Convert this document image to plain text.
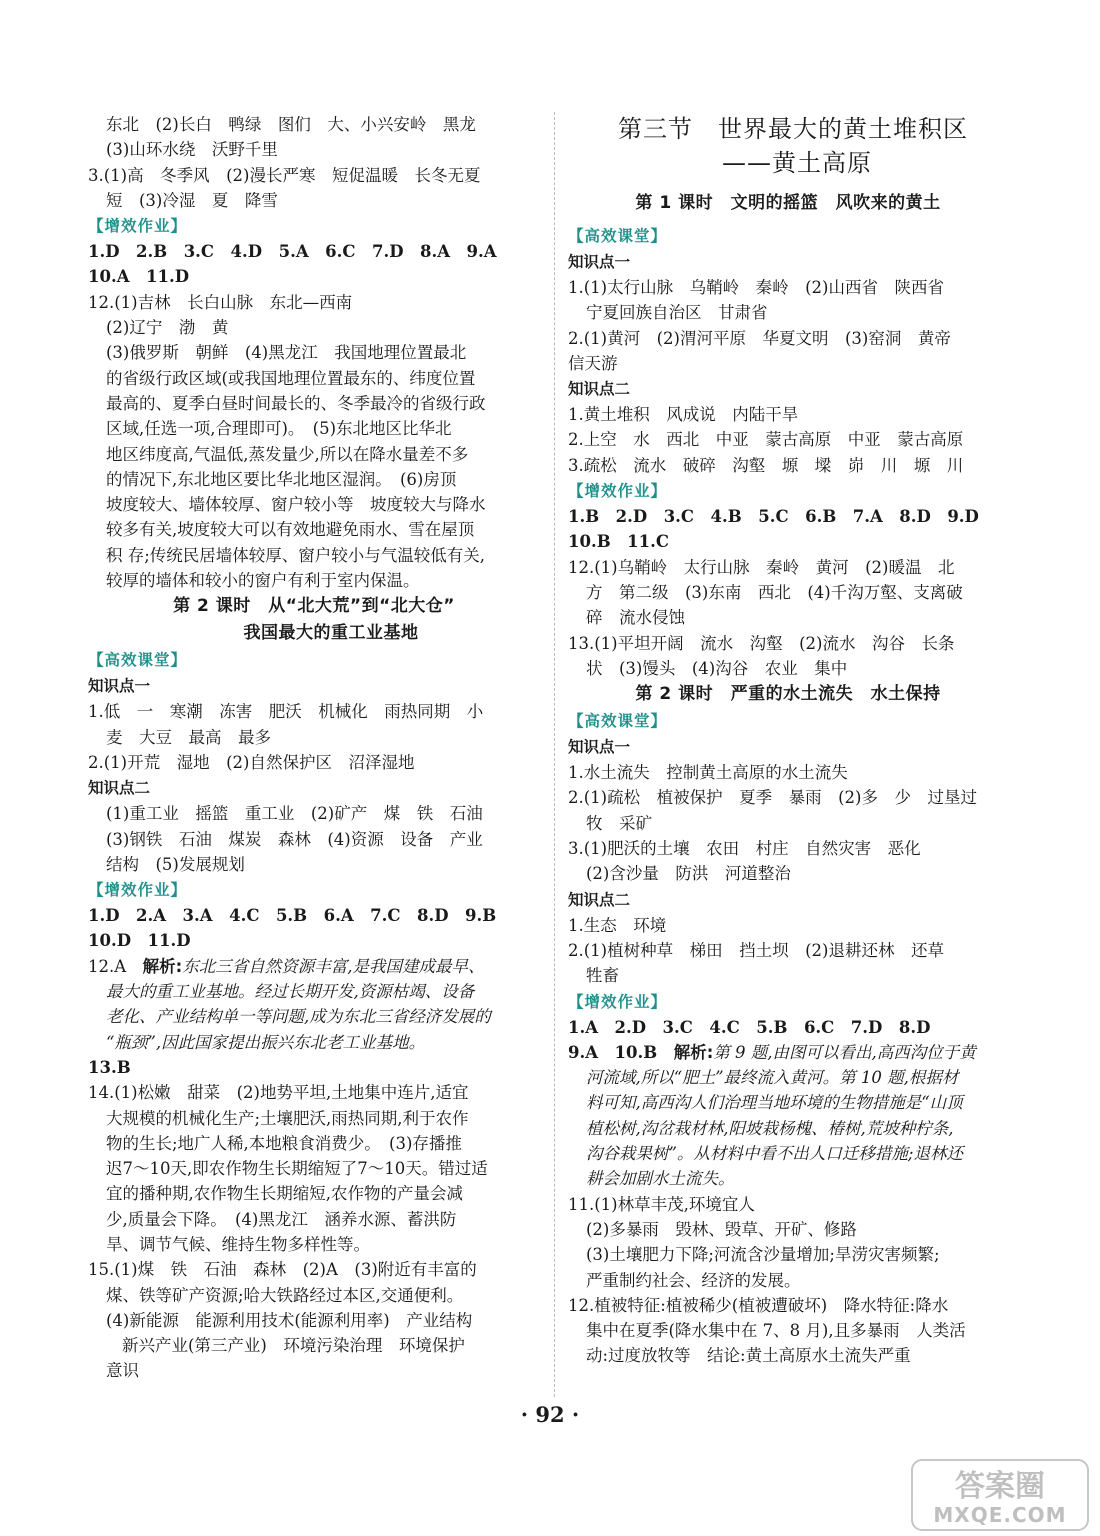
东北　(2)长白　鸭绿　图们　大、小兴安岭　黑龙
(3)山环水绕　沃野千里
3.(1)高　冬季风　(2)漫长严寒　短促温暖　长冬无夏
短　(3)冷湿　夏　降雪
【增效作业】
1.D　2.B　3.C　4.D　5.A　6.C　7.D　8.A　9.A
10.A　11.D
12.(1)吉林　长白山脉　东北—西南
(2)辽宁　渤　黄
(3)俄罗斯　朝鲜　(4)黑龙江　我国地理位置最北
的省级行政区域(或我国地理位置最东的、纬度位置
最高的、夏季白昼时间最长的、冬季最冷的省级行政
区域,任选一项,合理即可)。　(5)东北地区比华北
地区纬度高,气温低,蒸发量少,所以在降水量差不多
的情况下,东北地区要比华北地区湿润。　(6)房顶
坡度较大、墙体较厚、窗户较小等　坡度较大与降水
较多有关,坡度较大可以有效地避免雨水、雪在屋顶
积 存;传统民居墙体较厚、窗户较小与气温较低有关,
较厚的墙体和较小的窗户有利于室内保温。
第 2 课时　从“北大荒”到“北大仓”
我国最大的重工业基地
【高效课堂】
知识点一
1.低　一　寒潮　冻害　肥沃　机械化　雨热同期　小
麦　大豆　最高　最多
2.(1)开荒　湿地　(2)自然保护区　沼泽湿地
知识点二
(1)重工业　摇篮　重工业　(2)矿产　煤　铁　石油
(3)钢铁　石油　煤炭　森林　(4)资源　设备　产业
结构　(5)发展规划
【增效作业】
1.D　2.A　3.A　4.C　5.B　6.A　7.C　8.D　9.B
10.D　11.D
12.A　解析:东北三省自然资源丰富,是我国建成最早、
最大的重工业基地。经过长期开发,资源枯竭、设备
老化、产业结构单一等问题,成为东北三省经济发展的
“瓶颈”,因此国家提出振兴东北老工业基地。
13.B
14.(1)松嫩　甜菜　(2)地势平坦,土地集中连片,适宜
大规模的机械化生产;土壤肥沃,雨热同期,利于农作
物的生长;地广人稀,本地粮食消费少。　(3)存播推
迟7～10天,即农作物生长期缩短了7～10天。错过适
宜的播种期,农作物生长期缩短,农作物的产量会减
少,质量会下降。　(4)黑龙江　涵养水源、蓄洪防
旱、调节气候、维持生物多样性等。
15.(1)煤　铁　石油　森林　(2)A　(3)附近有丰富的
煤、铁等矿产资源;哈大铁路经过本区,交通便利。
(4)新能源　能源利用技术(能源利用率)　产业结构
新兴产业(第三产业)　环境污染治理　环境保护
意识
第三节　世界最大的黄土堆积区
——黄土高原
第 1 课时　文明的摇篮　风吹来的黄土
【高效课堂】
知识点一
1.(1)太行山脉　乌鞘岭　秦岭　(2)山西省　陕西省
宁夏回族自治区　甘肃省
2.(1)黄河　(2)渭河平原　华夏文明　(3)窑洞　黄帝
信天游
知识点二
1.黄土堆积　风成说　内陆干旱
2.上空　水　西北　中亚　蒙古高原　中亚　蒙古高原
3.疏松　流水　破碎　沟壑　塬　墚　峁　川　塬　川
【增效作业】
1.B　2.D　3.C　4.B　5.C　6.B　7.A　8.D　9.D
10.B　11.C
12.(1)乌鞘岭　太行山脉　秦岭　黄河　(2)暖温　北
方　第二级　(3)东南　西北　(4)千沟万壑、支离破
碎　流水侵蚀
13.(1)平坦开阔　流水　沟壑　(2)流水　沟谷　长条
状　(3)馒头　(4)沟谷　农业　集中
第 2 课时　严重的水土流失　水土保持
【高效课堂】
知识点一
1.水土流失　控制黄土高原的水土流失
2.(1)疏松　植被保护　夏季　暴雨　(2)多　少　过垦过
牧　采矿
3.(1)肥沃的土壤　农田　村庄　自然灾害　恶化
(2)含沙量　防洪　河道整治
知识点二
1.生态　环境
2.(1)植树种草　梯田　挡土坝　(2)退耕还林　还草
牲畜
【增效作业】
1.A　2.D　3.C　4.C　5.B　6.C　7.D　8.D
9.A　10.B　解析:第 9 题,由图可以看出,高西沟位于黄
河流域,所以“肥土”最终流入黄河。第 10 题,根据材
料可知,高西沟人们治理当地环境的生物措施是“山顶
植松树,沟岔栽材林,阳坡栽杨槐、椿树,荒坡种柠条,
沟谷栽果树”。从材料中看不出人口迁移措施;退林还
耕会加剧水土流失。
11.(1)林草丰茂,环境宜人
(2)多暴雨　毁林、毁草、开矿、修路
(3)土壤肥力下降;河流含沙量增加;旱涝灾害频繁;
严重制约社会、经济的发展。
12.植被特征:植被稀少(植被遭破坏)　降水特征:降水
集中在夏季(降水集中在 7、8 月),且多暴雨　人类活
动:过度放牧等　结论:黄土高原水土流失严重
· 92 ·
答案圈
MXQE.COM
